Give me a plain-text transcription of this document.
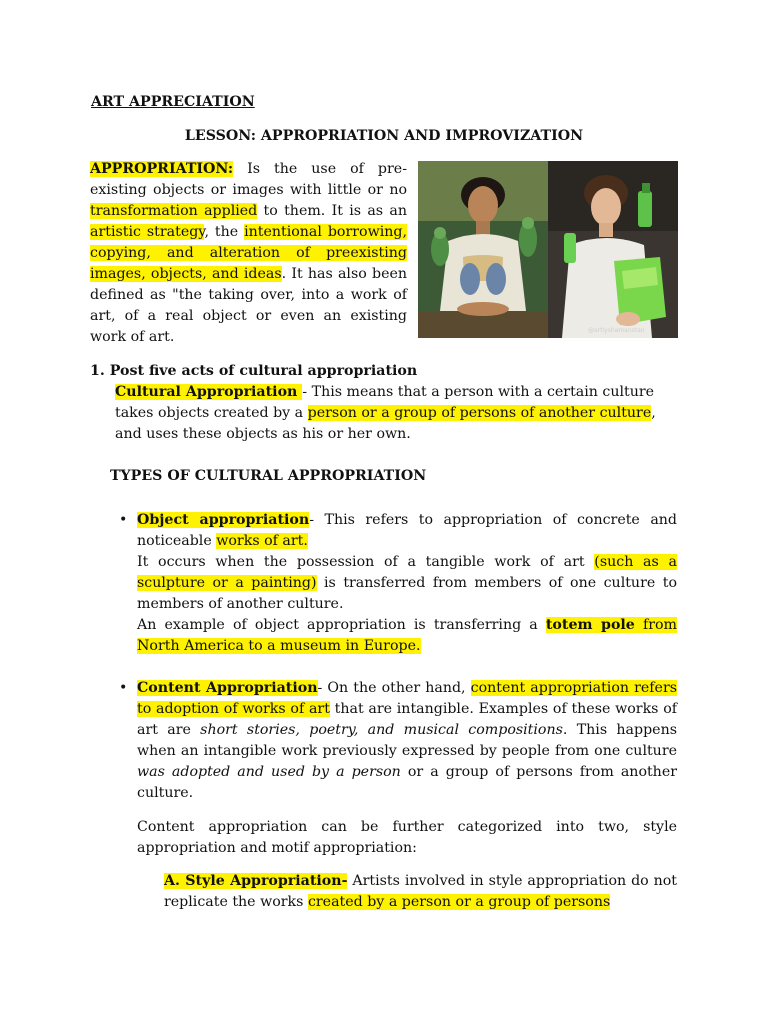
ART APPRECIATION
LESSON: APPROPRIATION AND IMPROVIZATION
APPROPRIATION: Is the use of pre-existing objects or images with little or no transformation applied to them. It is as an artistic strategy, the intentional borrowing, copying, and alteration of preexisting images, objects, and ideas. It has also been defined as "the taking over, into a work of art, of a real object or even an existing work of art.	@artlyshamanstan
1. Post five acts of cultural appropriation
Cultural Appropriation - This means that a person with a certain culture takes objects created by a person or a group of persons of another culture, and uses these objects as his or her own.
TYPES OF CULTURAL APPROPRIATION
• Object appropriation- This refers to appropriation of concrete and noticeable works of art.

It occurs when the possession of a tangible work of art (such as a sculpture or a painting) is transferred from members of one culture to members of another culture.

An example of object appropriation is transferring a totem pole from North America to a museum in Europe.

• Content Appropriation- On the other hand, content appropriation refers to adoption of works of art that are intangible. Examples of these works of art are short stories, poetry, and musical compositions. This happens when an intangible work previously expressed by people from one culture was adopted and used by a person or a group of persons from another culture.
Content appropriation can be further categorized into two, style appropriation and motif appropriation:
A. Style Appropriation- Artists involved in style appropriation do not replicate the works created by a person or a group of persons
